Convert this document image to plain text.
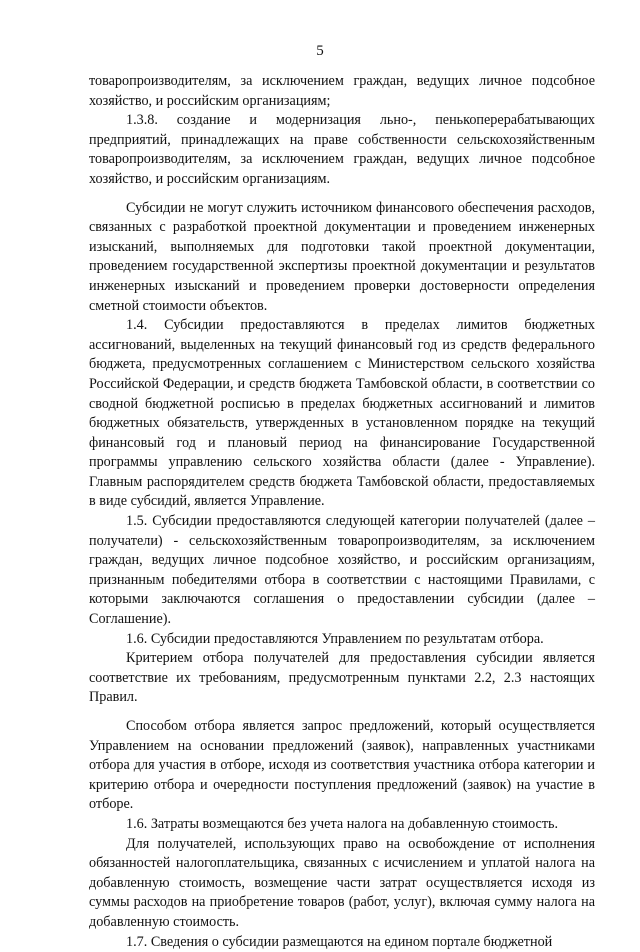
5

товаропроизводителям, за исключением граждан, ведущих личное подсобное хозяйство, и российским организациям;

1.3.8. создание и модернизация льно-, пенькоперерабатывающих предприятий, принадлежащих на праве собственности сельскохозяйственным товаропроизводителям, за исключением граждан, ведущих личное подсобное хозяйство, и российским организациям.

Субсидии не могут служить источником финансового обеспечения расходов, связанных с разработкой проектной документации и проведением инженерных изысканий, выполняемых для подготовки такой проектной документации, проведением государственной экспертизы проектной документации и результатов инженерных изысканий и проведением проверки достоверности определения сметной стоимости объектов.

1.4. Субсидии предоставляются в пределах лимитов бюджетных ассигнований, выделенных на текущий финансовый год из средств федерального бюджета, предусмотренных соглашением с Министерством сельского хозяйства Российской Федерации, и средств бюджета Тамбовской области, в соответствии со сводной бюджетной росписью в пределах бюджетных ассигнований и лимитов бюджетных обязательств, утвержденных в установленном порядке на текущий финансовый год и плановый период на финансирование Государственной программы управлению сельского хозяйства области (далее - Управление). Главным распорядителем средств бюджета Тамбовской области, предоставляемых в виде субсидий, является Управление.

1.5. Субсидии предоставляются следующей категории получателей (далее – получатели) - сельскохозяйственным товаропроизводителям, за исключением граждан, ведущих личное подсобное хозяйство, и российским организациям, признанным победителями отбора в соответствии с настоящими Правилами, с которыми заключаются соглашения о предоставлении субсидии (далее – Соглашение).

1.6. Субсидии предоставляются Управлением по результатам отбора.

Критерием отбора получателей для предоставления субсидии является соответствие их требованиям, предусмотренным пунктами 2.2, 2.3 настоящих Правил.

Способом отбора является запрос предложений, который осуществляется Управлением на основании предложений (заявок), направленных участниками отбора для участия в отборе, исходя из соответствия участника отбора категории и критерию отбора и очередности поступления предложений (заявок) на участие в отборе.

1.6. Затраты возмещаются без учета налога на добавленную стоимость.

Для получателей, использующих право на освобождение от исполнения обязанностей налогоплательщика, связанных с исчислением и уплатой налога на добавленную стоимость, возмещение части затрат осуществляется исходя из суммы расходов на приобретение товаров (работ, услуг), включая сумму налога на добавленную стоимость.

1.7. Сведения о субсидии размещаются на едином портале бюджетной
